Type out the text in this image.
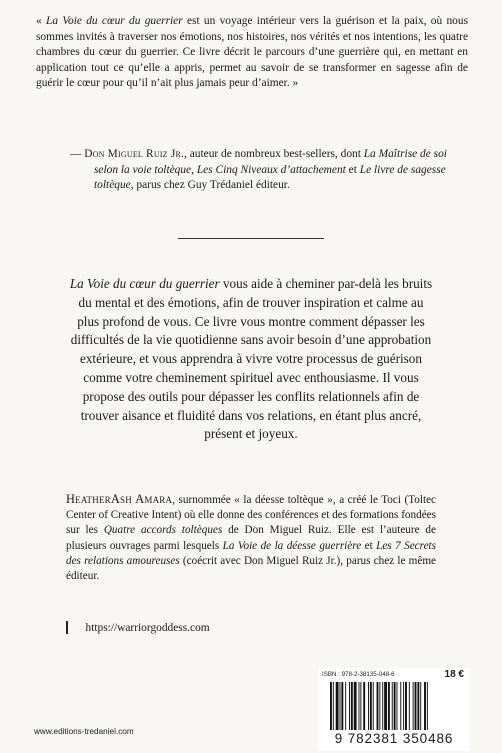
« La Voie du cœur du guerrier est un voyage intérieur vers la guérison et la paix, où nous sommes invités à traverser nos émotions, nos histoires, nos vérités et nos intentions, les quatre chambres du cœur du guerrier. Ce livre décrit le parcours d’une guerrière qui, en mettant en application tout ce qu’elle a appris, permet au savoir de se transformer en sagesse afin de guérir le cœur pour qu’il n’ait plus jamais peur d’aimer. »

— Don Miguel Ruiz Jr., auteur de nombreux best-sellers, dont La Maîtrise de soi selon la voie toltèque, Les Cinq Niveaux d’attachement et Le livre de sagesse toltèque, parus chez Guy Trédaniel éditeur.

La Voie du cœur du guerrier vous aide à cheminer par-delà les bruits du mental et des émotions, afin de trouver inspiration et calme au plus profond de vous. Ce livre vous montre comment dépasser les difficultés de la vie quotidienne sans avoir besoin d’une approbation extérieure, et vous apprendra à vivre votre processus de guérison comme votre cheminement spirituel avec enthousiasme. Il vous propose des outils pour dépasser les conflits relationnels afin de trouver aisance et fluidité dans vos relations, en étant plus ancré, présent et joyeux.

HeatherAsh Amara, surnommée « la déesse toltèque », a créé le Toci (Toltec Center of Creative Intent) où elle donne des conférences et des formations fondées sur les Quatre accords toltèques de Don Miguel Ruiz. Elle est l’auteure de plusieurs ouvrages parmi lesquels La Voie de la déesse guerrière et Les 7 Secrets des relations amoureuses (coécrit avec Don Miguel Ruiz Jr.), parus chez le même éditeur.

https://warriorgoddess.com
www.editions-tredaniel.com
ISBN : 978-2-38135-048-6	18 €
9 782381 350486
